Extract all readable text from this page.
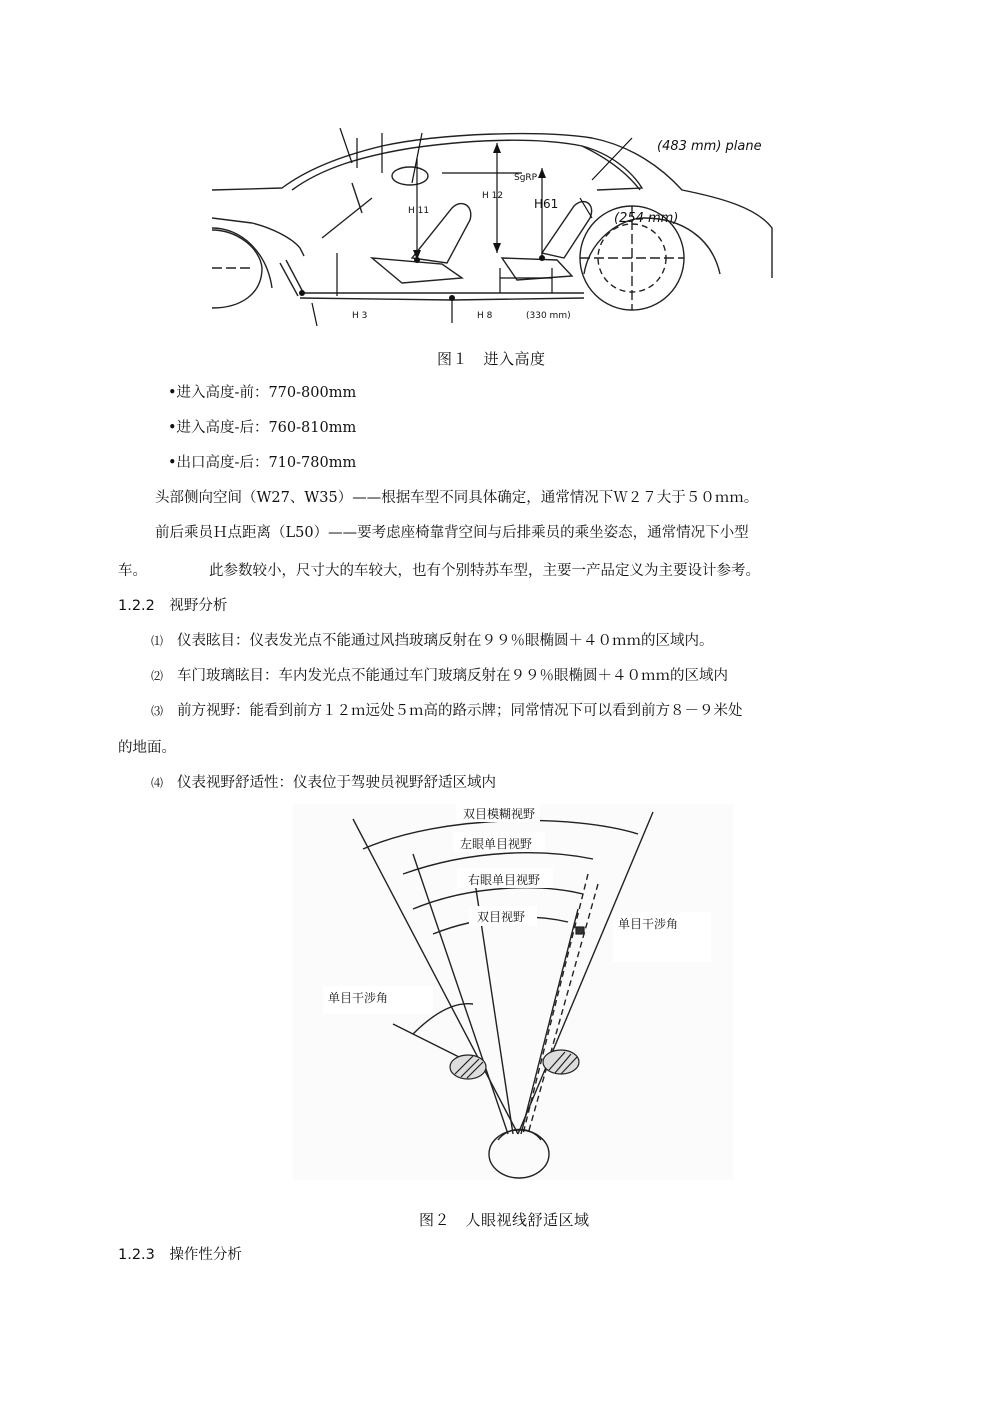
(483 mm) plane
SgRP
H 11
H 12
H61
(254 mm)
H 3	H 8	(330 mm)
图１　进入高度
•进入高度-前：770-800mm
•进入高度-后：760-810mm
•出口高度-后：710-780mm
头部侧向空间（W27、W35）——根据车型不同具体确定，通常情况下Ｗ２７大于５０ｍｍ。
前后乘员Ｈ点距离（L50）——要考虑座椅靠背空间与后排乘员的乘坐姿态，通常情况下小型
车。	此参数较小，尺寸大的车较大，也有个别特苏车型，主要一产品定义为主要设计参考。
1.2.2　视野分析
⑴ 仪表眩目：仪表发光点不能通过风挡玻璃反射在９９％眼椭圆＋４０ｍｍ的区域内。
⑵ 车门玻璃眩目：车内发光点不能通过车门玻璃反射在９９％眼椭圆＋４０ｍｍ的区域内
⑶ 前方视野：能看到前方１２ｍ远处５ｍ高的路示牌；同常情况下可以看到前方８－９米处
的地面。
⑷ 仪表视野舒适性：仪表位于驾驶员视野舒适区域内
双目模糊视野
左眼单目视野
右眼单目视野
双目视野	单目干涉角
单目干涉角
图２　人眼视线舒适区域
1.2.3　操作性分析
